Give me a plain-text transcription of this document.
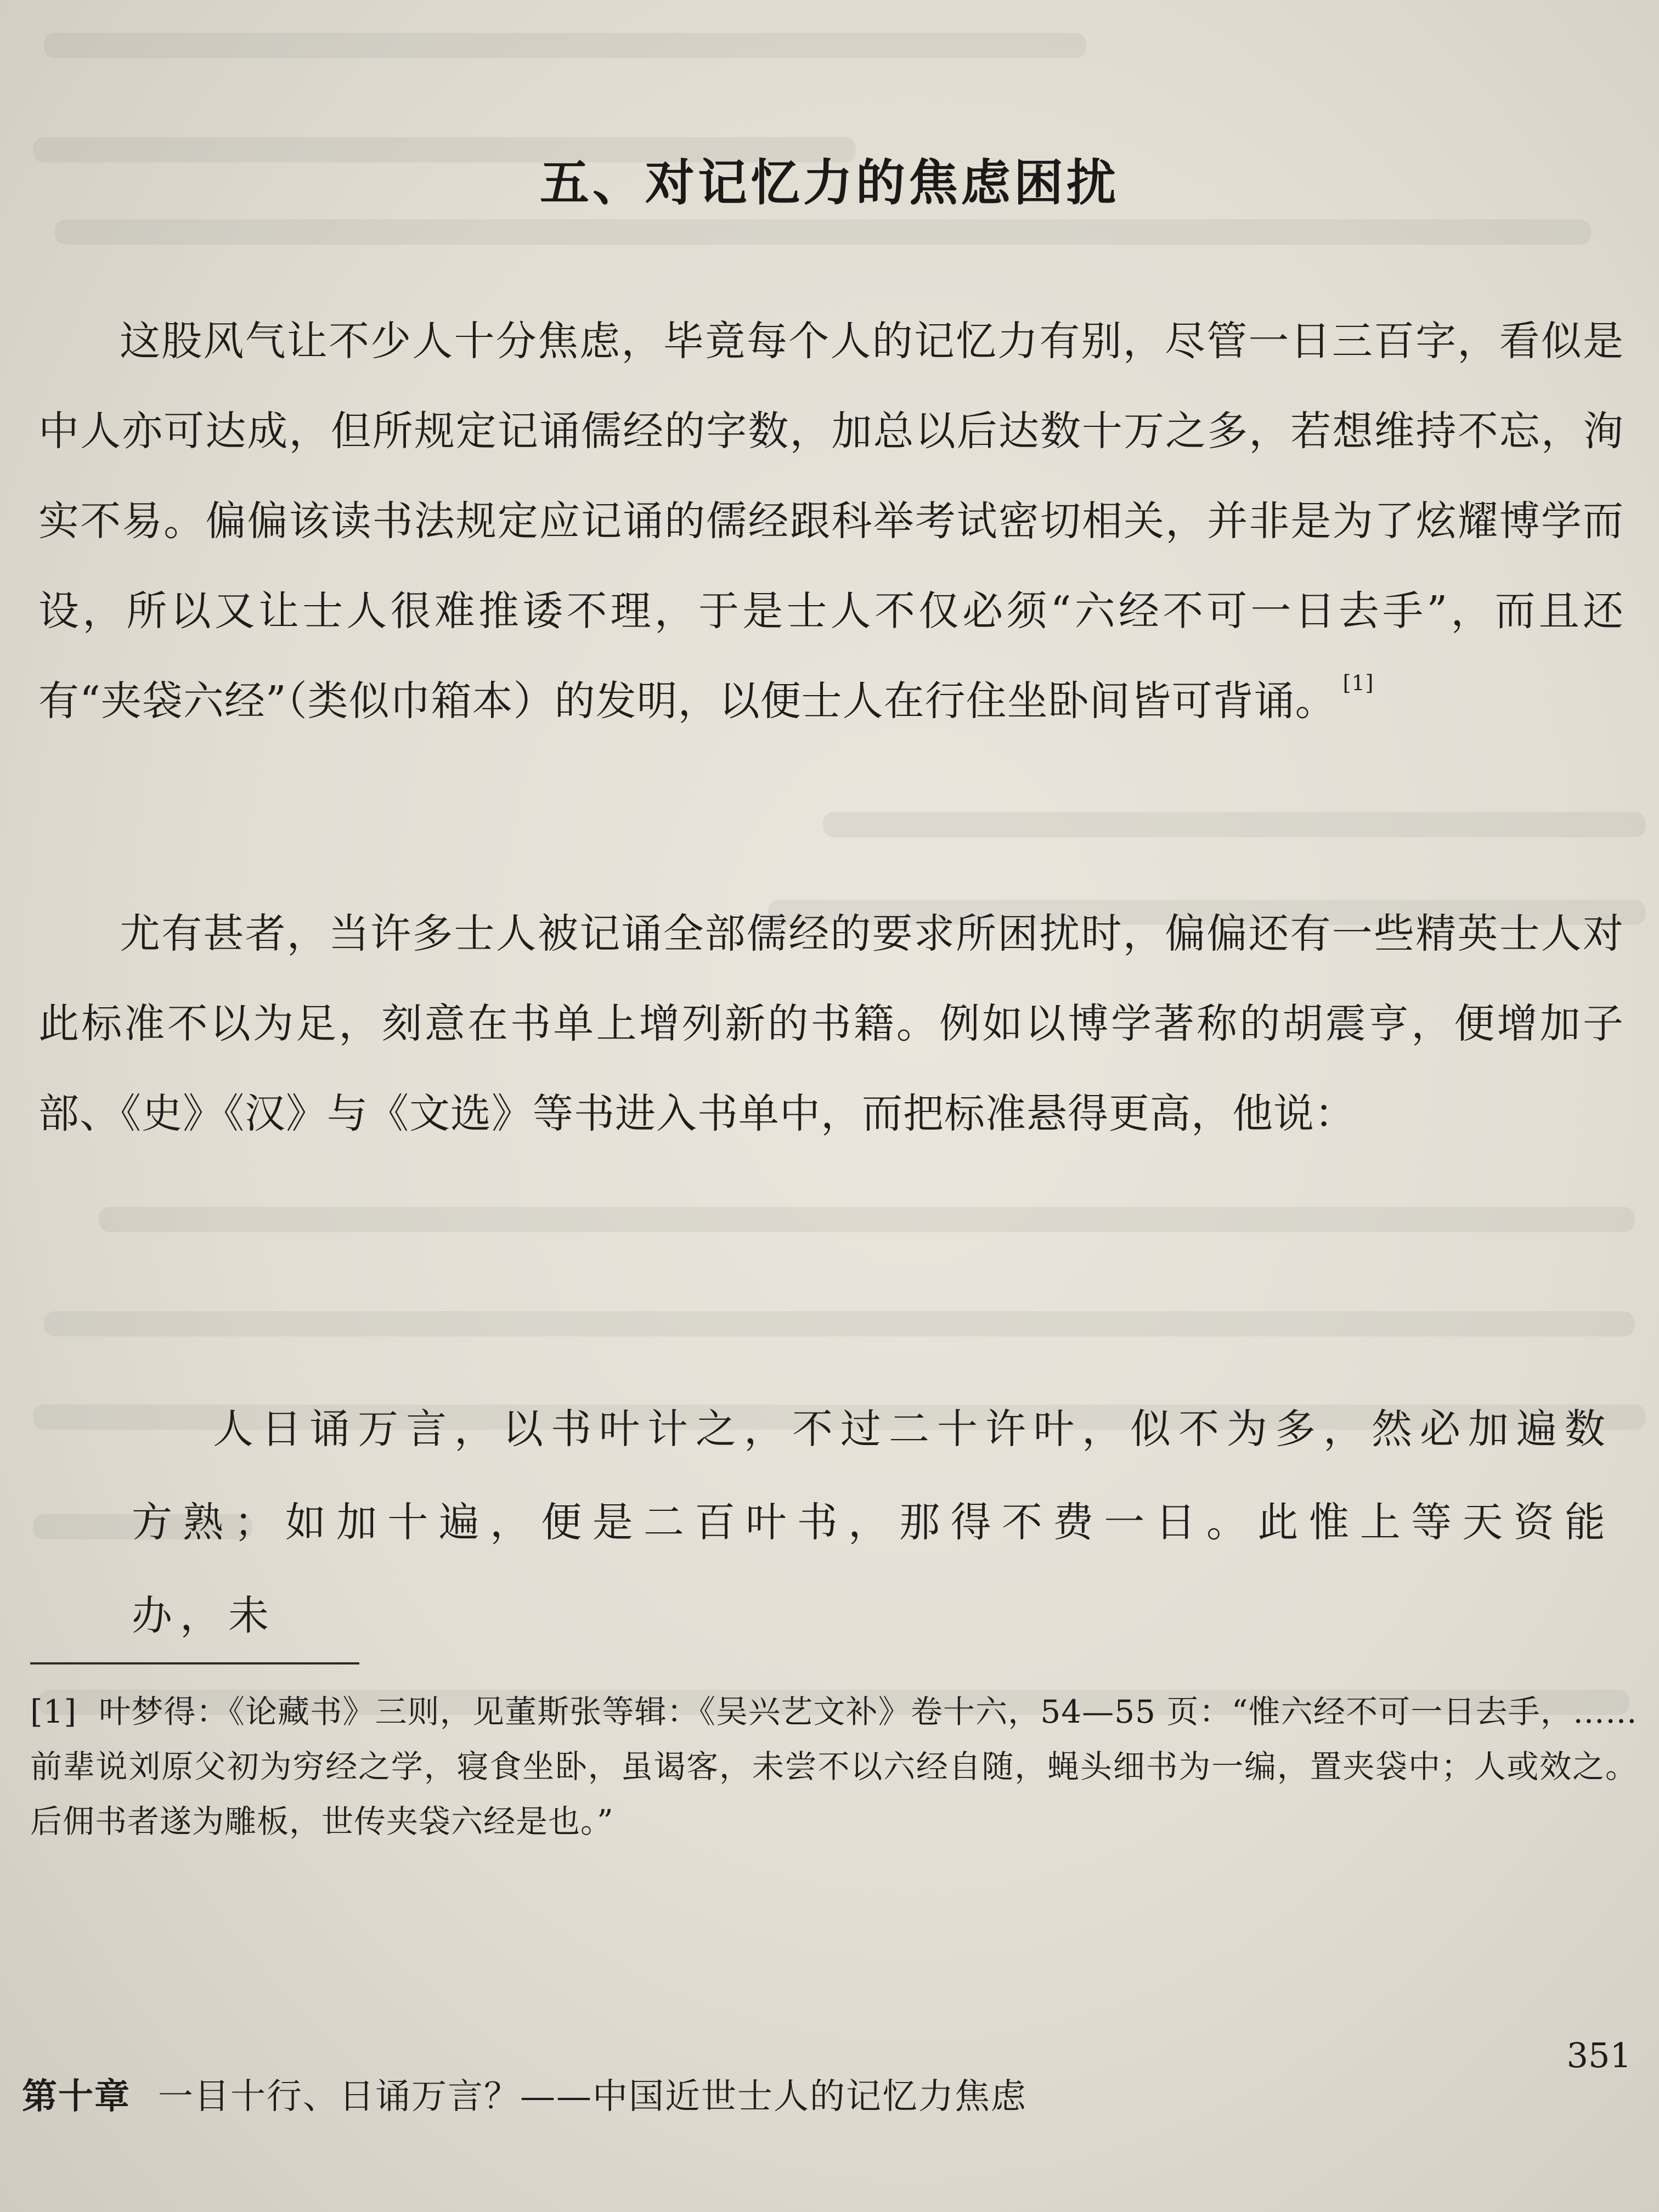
五、对记忆力的焦虑困扰

这股风气让不少人十分焦虑，毕竟每个人的记忆力有别，尽管一日三百字，看似是中人亦可达成，但所规定记诵儒经的字数，加总以后达数十万之多，若想维持不忘，洵实不易。偏偏该读书法规定应记诵的儒经跟科举考试密切相关，并非是为了炫耀博学而设，所以又让士人很难推诿不理，于是士人不仅必须“六经不可一日去手”，而且还有“夹袋六经”（类似巾箱本）的发明，以便士人在行住坐卧间皆可背诵。 [1]

尤有甚者，当许多士人被记诵全部儒经的要求所困扰时，偏偏还有一些精英士人对此标准不以为足，刻意在书单上增列新的书籍。例如以博学著称的胡震亨，便增加子部、《史》《汉》与《文选》等书进入书单中，而把标准悬得更高，他说：

人日诵万言，以书叶计之，不过二十许叶，似不为多，然必加遍数方熟；如加十遍，便是二百叶书，那得不费一日。此惟上等天资能办，未

[1] 叶梦得：《论藏书》三则，见董斯张等辑：《吴兴艺文补》卷十六，54—55 页：“惟六经不可一日去手，……前辈说刘原父初为穷经之学，寝食坐卧，虽谒客，未尝不以六经自随，蝇头细书为一编，置夹袋中；人或效之。后佣书者遂为雕板，世传夹袋六经是也。”

351
第十章 一目十行、日诵万言？——中国近世士人的记忆力焦虑
